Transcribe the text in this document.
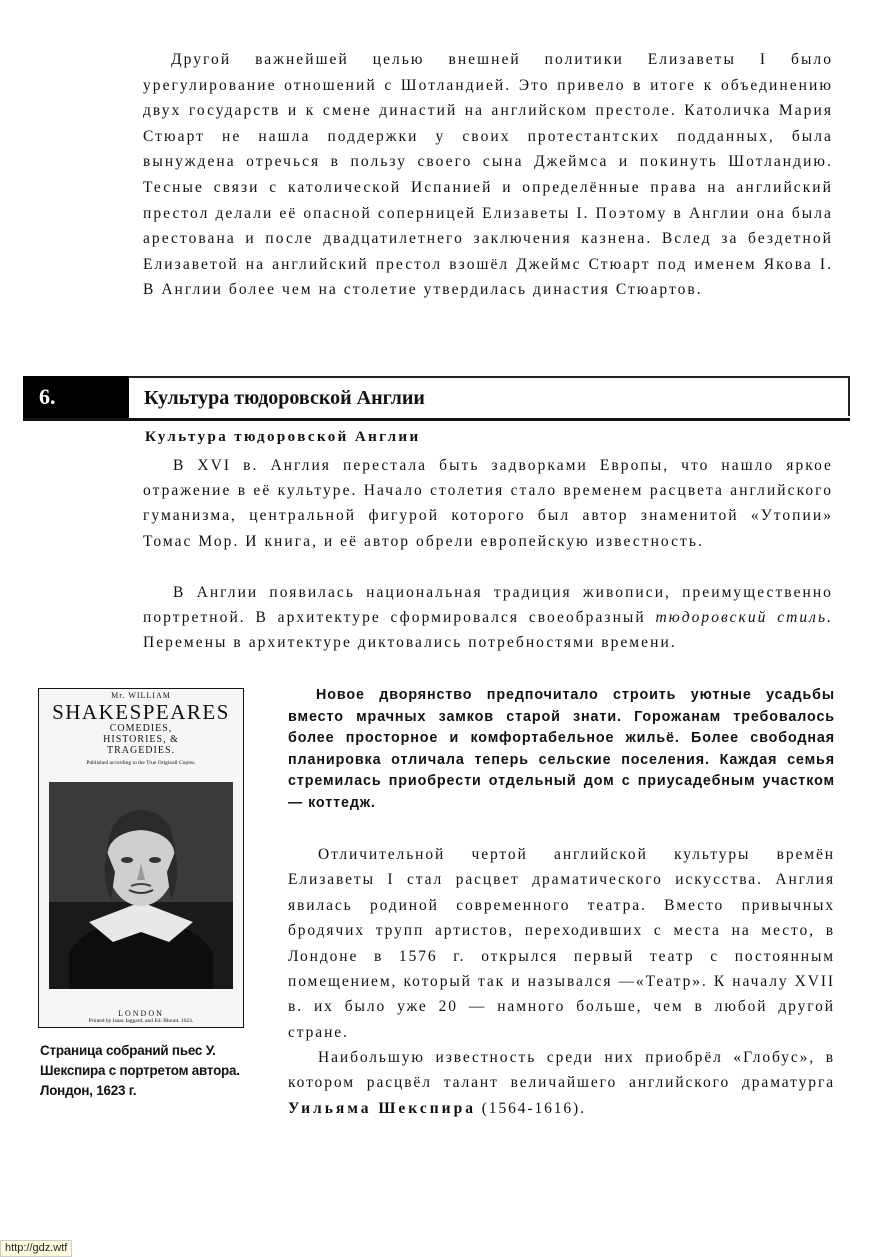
Другой важнейшей целью внешней политики Елизаветы I было урегулирование отношений с Шотландией. Это привело в итоге к объединению двух государств и к смене династий на английском престоле. Католичка Мария Стюарт не нашла поддержки у своих протестантских подданных, была вынуждена отречься в пользу своего сына Джеймса и покинуть Шотландию. Тесные связи с католической Испанией и определённые права на английский престол делали её опасной соперницей Елизаветы I. Поэтому в Англии она была арестована и после двадцатилетнего заключения казнена. Вслед за бездетной Елизаветой на английский престол взошёл Джеймс Стюарт под именем Якова I. В Англии более чем на столетие утвердилась династия Стюартов.

6.	Культура тюдоровской Англии
Культура тюдоровской Англии

В XVI в. Англия перестала быть задворками Европы, что нашло яркое отражение в её культуре. Начало столетия стало временем расцвета английского гуманизма, центральной фигурой которого был автор знаменитой «Утопии» Томас Мор. И книга, и её автор обрели европейскую известность.

В Англии появилась национальная традиция живописи, преимущественно портретной. В архитектуре сформировался своеобразный тюдоровский стиль. Перемены в архитектуре диктовались потребностями времени.

Mr. WILLIAM
SHAKESPEARES
COMEDIES,
HISTORIES, &
TRAGEDIES.
Published according to the True Originall Copies.
LONDON
Printed by Isaac Iaggard, and Ed. Blount. 1623.

Новое дворянство предпочитало строить уютные усадьбы вместо мрачных замков старой знати. Горожанам требовалось более просторное и комфортабельное жильё. Более свободная планировка отличала теперь сельские поселения. Каждая семья стремилась приобрести отдельный дом с приусадебным участком — коттедж.

Отличительной чертой английской культуры времён Елизаветы I стал расцвет драматического искусства. Англия явилась родиной современного театра. Вместо привычных бродячих трупп артистов, переходивших с места на место, в Лондоне в 1576 г. открылся первый театр с постоянным помещением, который так и назывался —«Театр». К началу XVII в. их было уже 20 — намного больше, чем в любой другой стране.

Наибольшую известность среди них приобрёл «Глобус», в котором расцвёл талант величайшего английского драматурга Уильяма Шекспира (1564-1616).

Страница собраний пьес У. Шекспира с портретом автора. Лондон, 1623 г.
http://gdz.wtf
